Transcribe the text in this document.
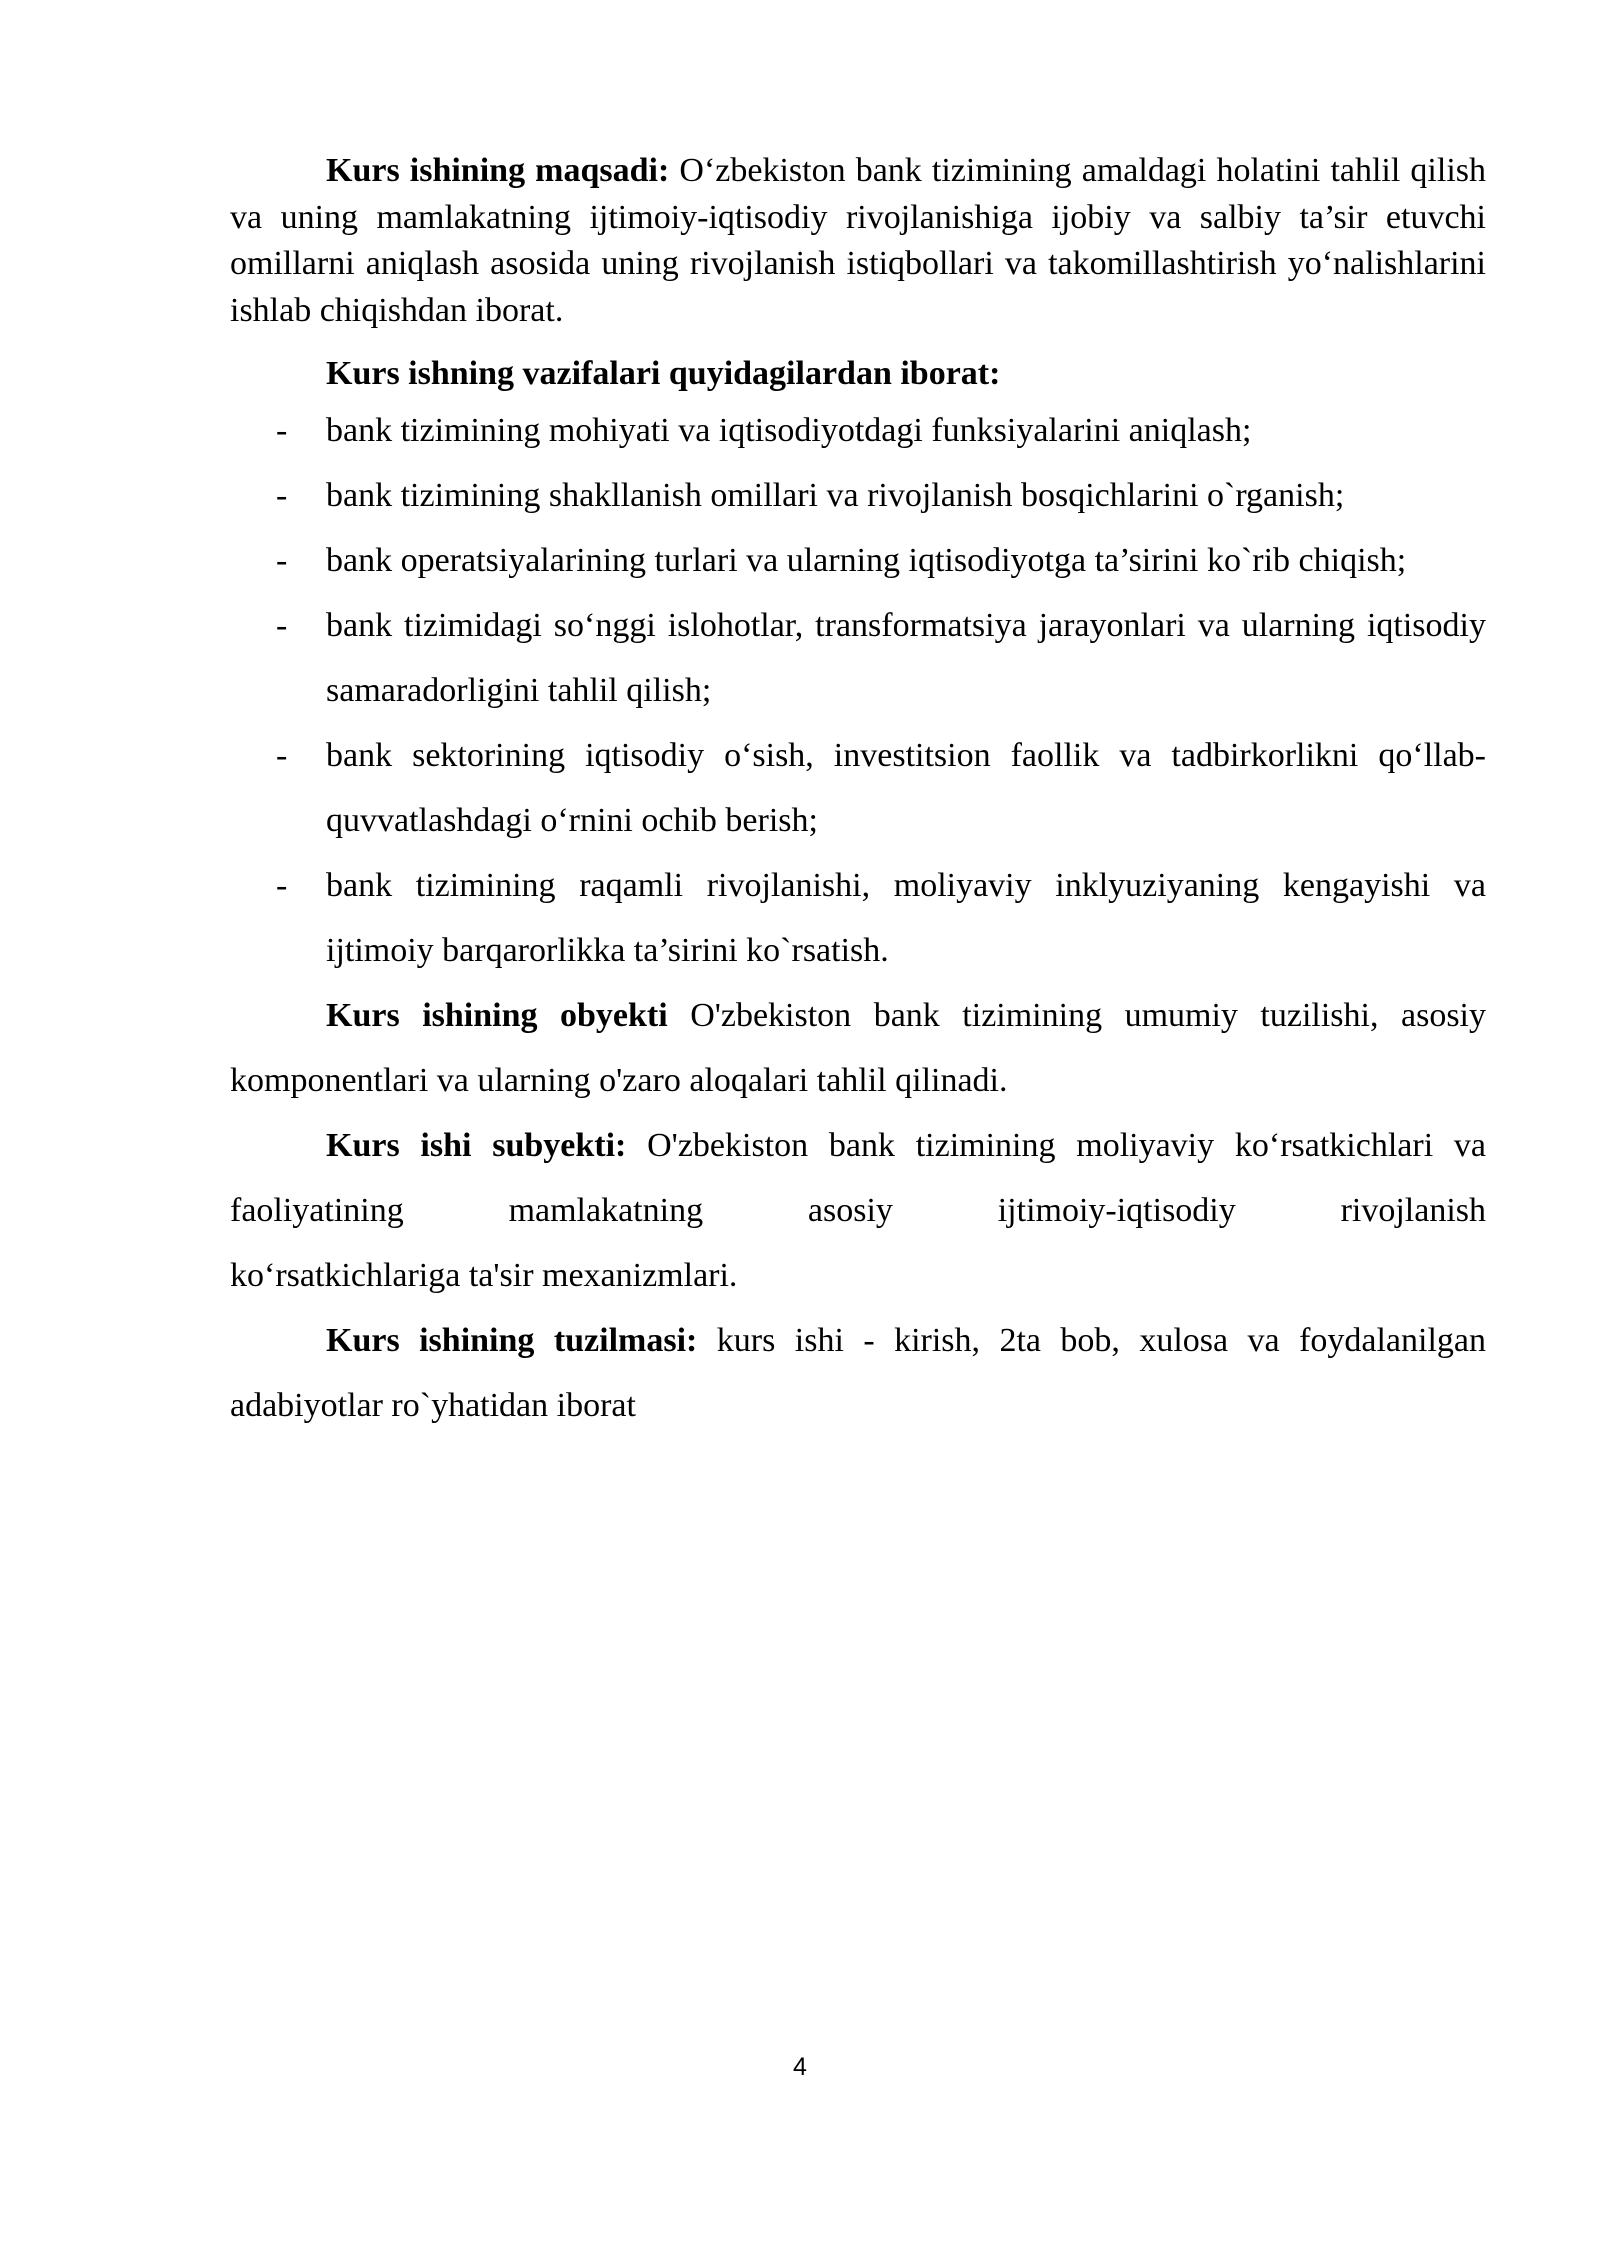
Kurs ishining maqsadi: O‘zbekiston bank tizimining amaldagi holatini tahlil qilish va uning mamlakatning ijtimoiy-iqtisodiy rivojlanishiga ijobiy va salbiy ta’sir etuvchi omillarni aniqlash asosida uning rivojlanish istiqbollari va takomillashtirish yo‘nalishlarini ishlab chiqishdan iborat.

Kurs ishning vazifalari quyidagilardan iborat:

- bank tizimining mohiyati va iqtisodiyotdagi funksiyalarini aniqlash;
- bank tizimining shakllanish omillari va rivojlanish bosqichlarini o`rganish;
- bank operatsiyalarining turlari va ularning iqtisodiyotga ta’sirini ko`rib chiqish;
- bank tizimidagi so‘nggi islohotlar, transformatsiya jarayonlari va ularning iqtisodiy samaradorligini tahlil qilish;
- bank sektorining iqtisodiy o‘sish, investitsion faollik va tadbirkorlikni qo‘llab-quvvatlashdagi o‘rnini ochib berish;
- bank tizimining raqamli rivojlanishi, moliyaviy inklyuziyaning kengayishi va ijtimoiy barqarorlikka ta’sirini ko`rsatish.

Kurs ishining obyekti O'zbekiston bank tizimining umumiy tuzilishi, asosiy komponentlari va ularning o'zaro aloqalari tahlil qilinadi.

Kurs ishi subyekti: O'zbekiston bank tizimining moliyaviy ko‘rsatkichlari va faoliyatining mamlakatning asosiy ijtimoiy-iqtisodiy rivojlanish

ko‘rsatkichlariga ta'sir mexanizmlari.

Kurs ishining tuzilmasi: kurs ishi - kirish, 2ta bob, xulosa va foydalanilgan adabiyotlar ro`yhatidan iborat

4
